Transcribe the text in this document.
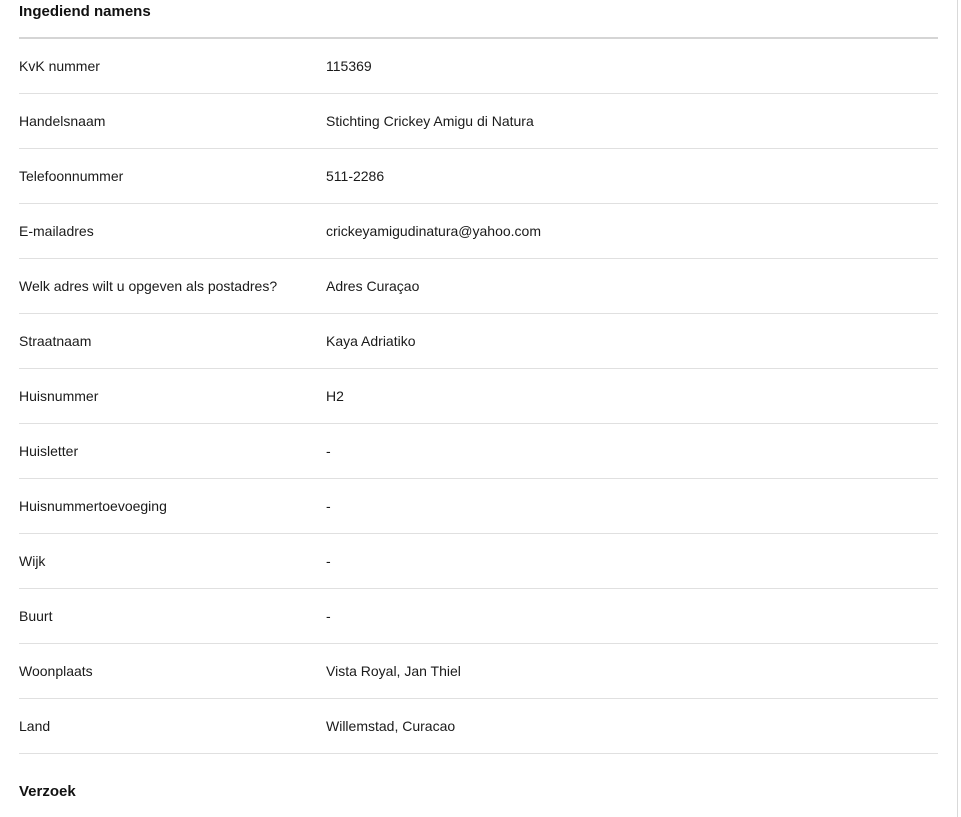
Ingediend namens
KvK nummer	115369
Handelsnaam	Stichting Crickey Amigu di Natura
Telefoonnummer	511-2286
E-mailadres	crickeyamigudinatura@yahoo.com
Welk adres wilt u opgeven als postadres?	Adres Curaçao
Straatnaam	Kaya Adriatiko
Huisnummer	H2
Huisletter	-
Huisnummertoevoeging	-
Wijk	-
Buurt	-
Woonplaats	Vista Royal, Jan Thiel
Land	Willemstad, Curacao
Verzoek
